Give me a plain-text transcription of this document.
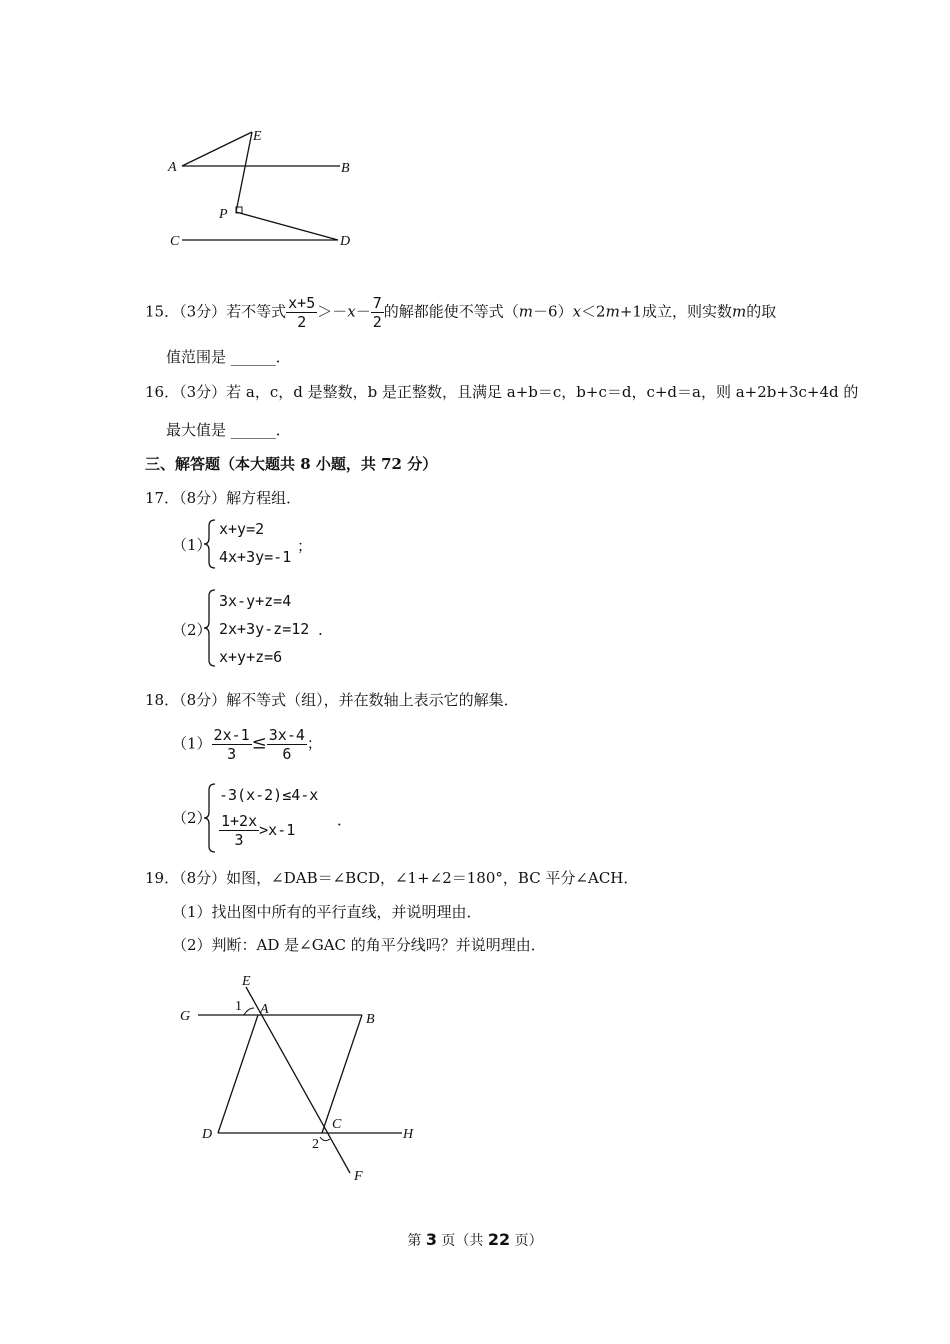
A	B
E
P
C	D
15．（3分）若不等式 $\frac{x+5}{2} >-x- \frac{7}{2}$ 的解都能使不等式（m－6）x＜2m+1成立，则实数m的取
值范围是 ______．
16．（3分）若 a，c，d 是整数，b 是正整数，且满足 a+b＝c，b+c＝d，c+d＝a，则 a+2b+3c+4d 的
最大值是 ______．
三、解答题（本大题共 8 小题，共 72 分）
17．（8分）解方程组．
（1）
x+y=2
4x+3y=-1
；
（2）
3x-y+z=4
2x+3y-z=12
x+y+z=6
.
18．（8分）解不等式（组），并在数轴上表示它的解集．
$(1) \frac{2x-1}{3} \le \frac{3x-4}{6}$ ；
（2）
-3(x-2)≤4-x
$\frac{1+2x}{3} >x-1$
．
19．（8分）如图，∠DAB＝∠BCD，∠1+∠2＝180°，BC 平分∠ACH．
（1）找出图中所有的平行直线，并说明理由．
（2）判断：AD 是∠GAC 的角平分线吗？并说明理由．
E
G
1 A
B
D
C
2
H
F
第 3 页（共 22 页）
